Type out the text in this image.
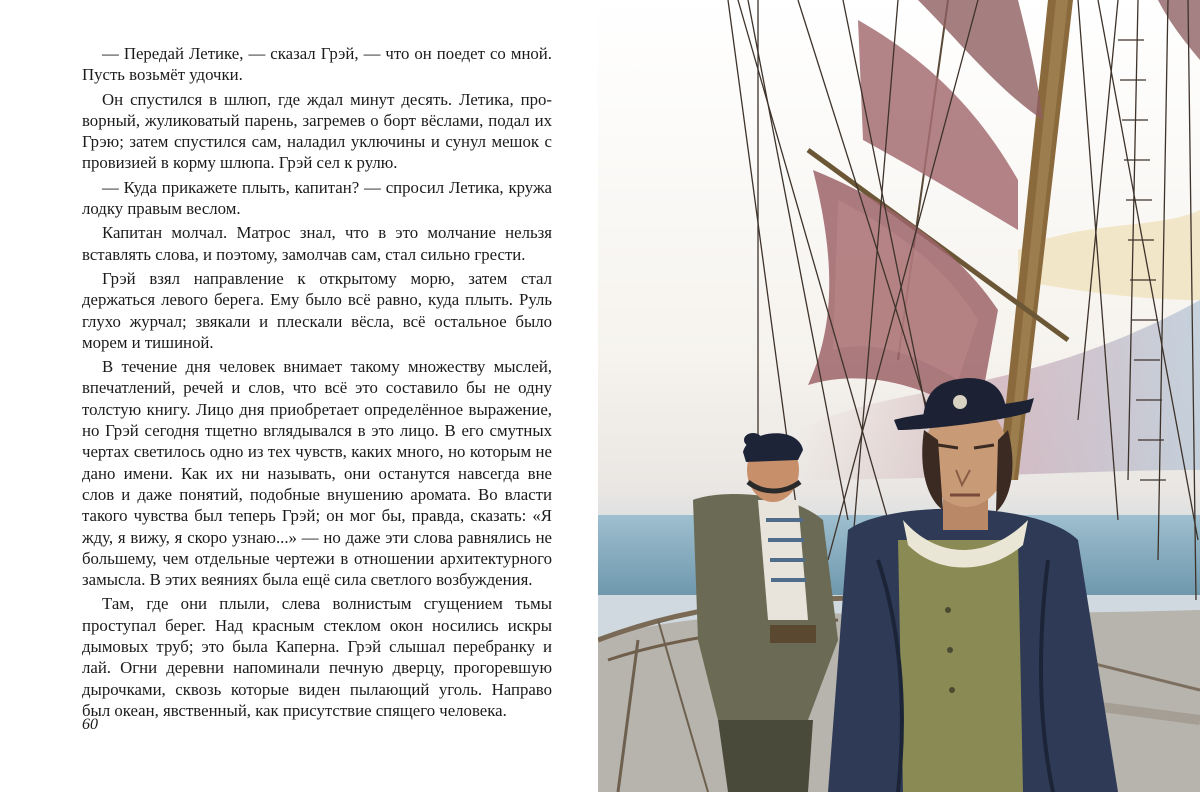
— Передай Летике, — сказал Грэй, — что он поедет со мной. Пусть возьмёт удочки.

Он спустился в шлюп, где ждал минут десять. Летика, проворный, жуликоватый парень, загремев о борт вёслами, подал их Грэю; затем спустился сам, наладил уключины и сунул мешок с провизией в корму шлюпа. Грэй сел к рулю.

— Куда прикажете плыть, капитан? — спросил Летика, кружа лодку правым веслом.

Капитан молчал. Матрос знал, что в это молчание нельзя вставлять слова, и поэтому, замолчав сам, стал сильно грести.

Грэй взял направление к открытому морю, затем стал держаться левого берега. Ему было всё равно, куда плыть. Руль глухо журчал; звякали и плескали вёсла, всё остальное было морем и тишиной.

В течение дня человек внимает такому множеству мыслей, впечатлений, речей и слов, что всё это составило бы не одну толстую книгу. Лицо дня приобретает определённое выражение, но Грэй сегодня тщетно вглядывался в это лицо. В его смутных чертах светилось одно из тех чувств, каких много, но которым не дано имени. Как их ни называть, они останутся навсегда вне слов и даже понятий, подобные внушению аромата. Во власти такого чувства был теперь Грэй; он мог бы, правда, сказать: «Я жду, я вижу, я скоро узнаю...» — но даже эти слова равнялись не большему, чем отдельные чертежи в отношении архитектурного замысла. В этих веяниях была ещё сила светлого возбуждения.

Там, где они плыли, слева волнистым сгущением тьмы проступал берег. Над красным стеклом окон носились искры дымовых труб; это была Каперна. Грэй слышал перебранку и лай. Огни деревни напоминали печную дверцу, прогоревшую дырочками, сквозь которые виден пылающий уголь. Направо был океан, явственный, как присутствие спящего человека.

60
